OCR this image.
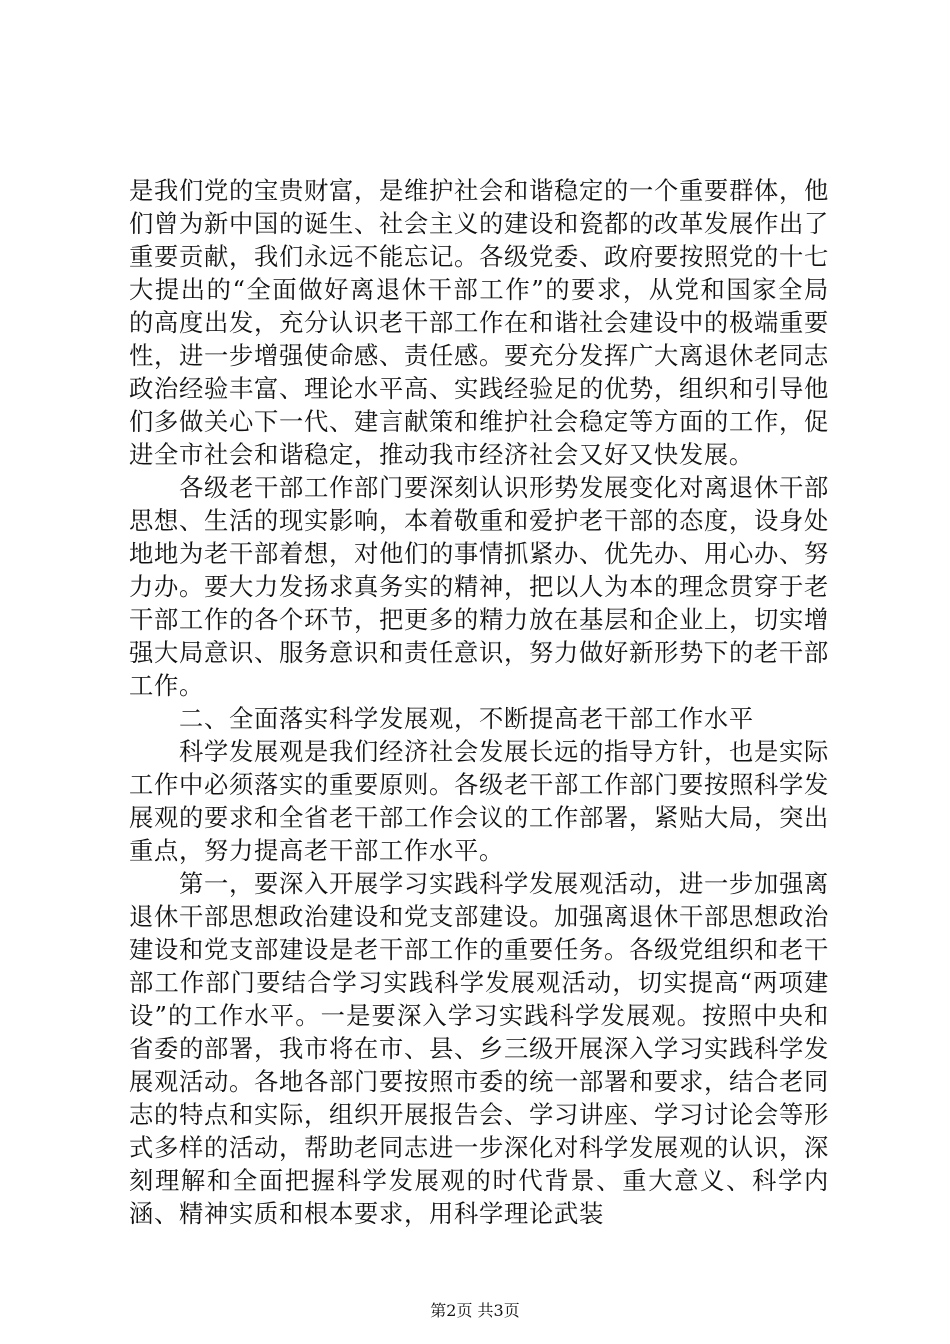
是我们党的宝贵财富，是维护社会和谐稳定的一个重要群体，他们曾为新中国的诞生、社会主义的建设和瓷都的改革发展作出了重要贡献，我们永远不能忘记。各级党委、政府要按照党的十七大提出的“全面做好离退休干部工作”的要求，从党和国家全局的高度出发，充分认识老干部工作在和谐社会建设中的极端重要性，进一步增强使命感、责任感。要充分发挥广大离退休老同志政治经验丰富、理论水平高、实践经验足的优势，组织和引导他们多做关心下一代、建言献策和维护社会稳定等方面的工作，促进全市社会和谐稳定，推动我市经济社会又好又快发展。

各级老干部工作部门要深刻认识形势发展变化对离退休干部思想、生活的现实影响，本着敬重和爱护老干部的态度，设身处地地为老干部着想，对他们的事情抓紧办、优先办、用心办、努力办。要大力发扬求真务实的精神，把以人为本的理念贯穿于老干部工作的各个环节，把更多的精力放在基层和企业上，切实增强大局意识、服务意识和责任意识，努力做好新形势下的老干部工作。

二、全面落实科学发展观，不断提高老干部工作水平

科学发展观是我们经济社会发展长远的指导方针，也是实际工作中必须落实的重要原则。各级老干部工作部门要按照科学发展观的要求和全省老干部工作会议的工作部署，紧贴大局，突出重点，努力提高老干部工作水平。

第一，要深入开展学习实践科学发展观活动，进一步加强离退休干部思想政治建设和党支部建设。加强离退休干部思想政治建设和党支部建设是老干部工作的重要任务。各级党组织和老干部工作部门要结合学习实践科学发展观活动，切实提高“两项建设”的工作水平。一是要深入学习实践科学发展观。按照中央和省委的部署，我市将在市、县、乡三级开展深入学习实践科学发展观活动。各地各部门要按照市委的统一部署和要求，结合老同志的特点和实际，组织开展报告会、学习讲座、学习讨论会等形式多样的活动，帮助老同志进一步深化对科学发展观的认识，深刻理解和全面把握科学发展观的时代背景、重大意义、科学内涵、精神实质和根本要求，用科学理论武装

第2页 共3页
